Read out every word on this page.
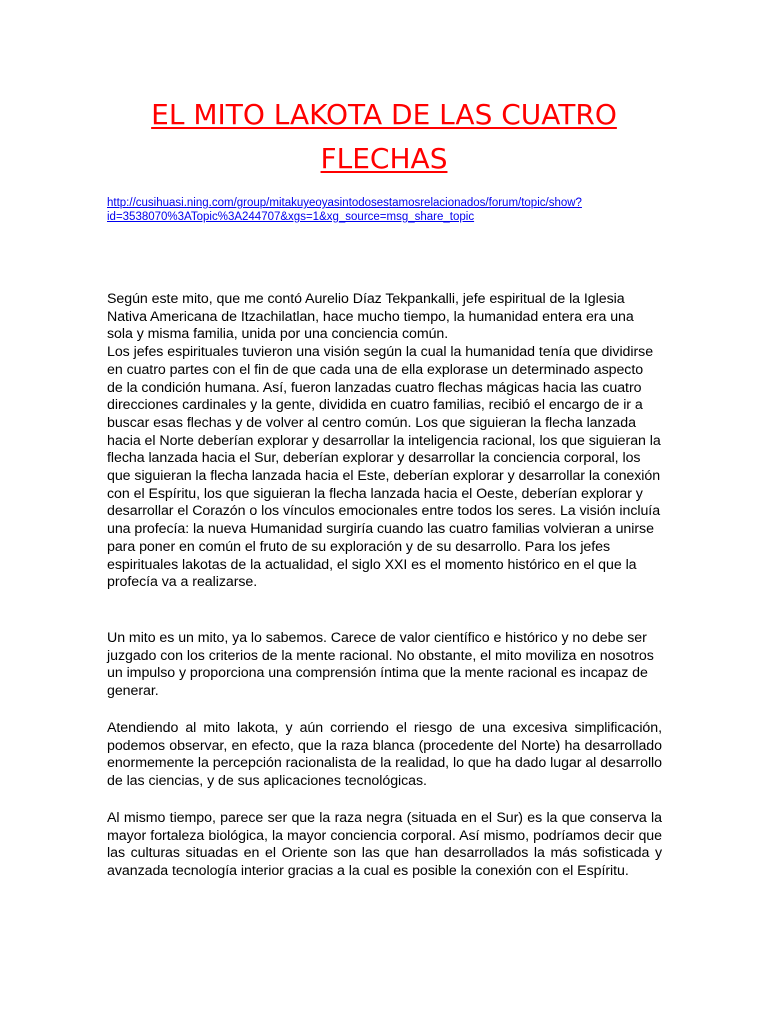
EL MITO LAKOTA DE LAS CUATRO
FLECHAS
http://cusihuasi.ning.com/group/mitakuyeoyasintodosestamosrelacionados/forum/topic/show?
id=3538070%3ATopic%3A244707&xgs=1&xg_source=msg_share_topic

Según este mito, que me contó Aurelio Díaz Tekpankalli, jefe espiritual de la Iglesia Nativa Americana de Itzachilatlan, hace mucho tiempo, la humanidad entera era una sola y misma familia, unida por una conciencia común.
Los jefes espirituales tuvieron una visión según la cual la humanidad tenía que dividirse en cuatro partes con el fin de que cada una de ella explorase un determinado aspecto de la condición humana. Así, fueron lanzadas cuatro flechas mágicas hacia las cuatro direcciones cardinales y la gente, dividida en cuatro familias, recibió el encargo de ir a buscar esas flechas y de volver al centro común. Los que siguieran la flecha lanzada hacia el Norte deberían explorar y desarrollar la inteligencia racional, los que siguieran la flecha lanzada hacia el Sur, deberían explorar y desarrollar la conciencia corporal, los que siguieran la flecha lanzada hacia el Este, deberían explorar y desarrollar la conexión con el Espíritu, los que siguieran la flecha lanzada hacia el Oeste, deberían explorar y desarrollar el Corazón o los vínculos emocionales entre todos los seres. La visión incluía una profecía: la nueva Humanidad surgiría cuando las cuatro familias volvieran a unirse para poner en común el fruto de su exploración y de su desarrollo. Para los jefes espirituales lakotas de la actualidad, el siglo XXI es el momento histórico en el que la profecía va a realizarse.

Un mito es un mito, ya lo sabemos. Carece de valor científico e histórico y no debe ser juzgado con los criterios de la mente racional. No obstante, el mito moviliza en nosotros un impulso y proporciona una comprensión íntima que la mente racional es incapaz de generar.

Atendiendo al mito lakota, y aún corriendo el riesgo de una excesiva simplificación, podemos observar, en efecto, que la raza blanca (procedente del Norte) ha desarrollado enormemente la percepción racionalista de la realidad, lo que ha dado lugar al desarrollo de las ciencias, y de sus aplicaciones tecnológicas.

Al mismo tiempo, parece ser que la raza negra (situada en el Sur) es la que conserva la mayor fortaleza biológica, la mayor conciencia corporal. Así mismo, podríamos decir que las culturas situadas en el Oriente son las que han desarrollados la más sofisticada y avanzada tecnología interior gracias a la cual es posible la conexión con el Espíritu.
